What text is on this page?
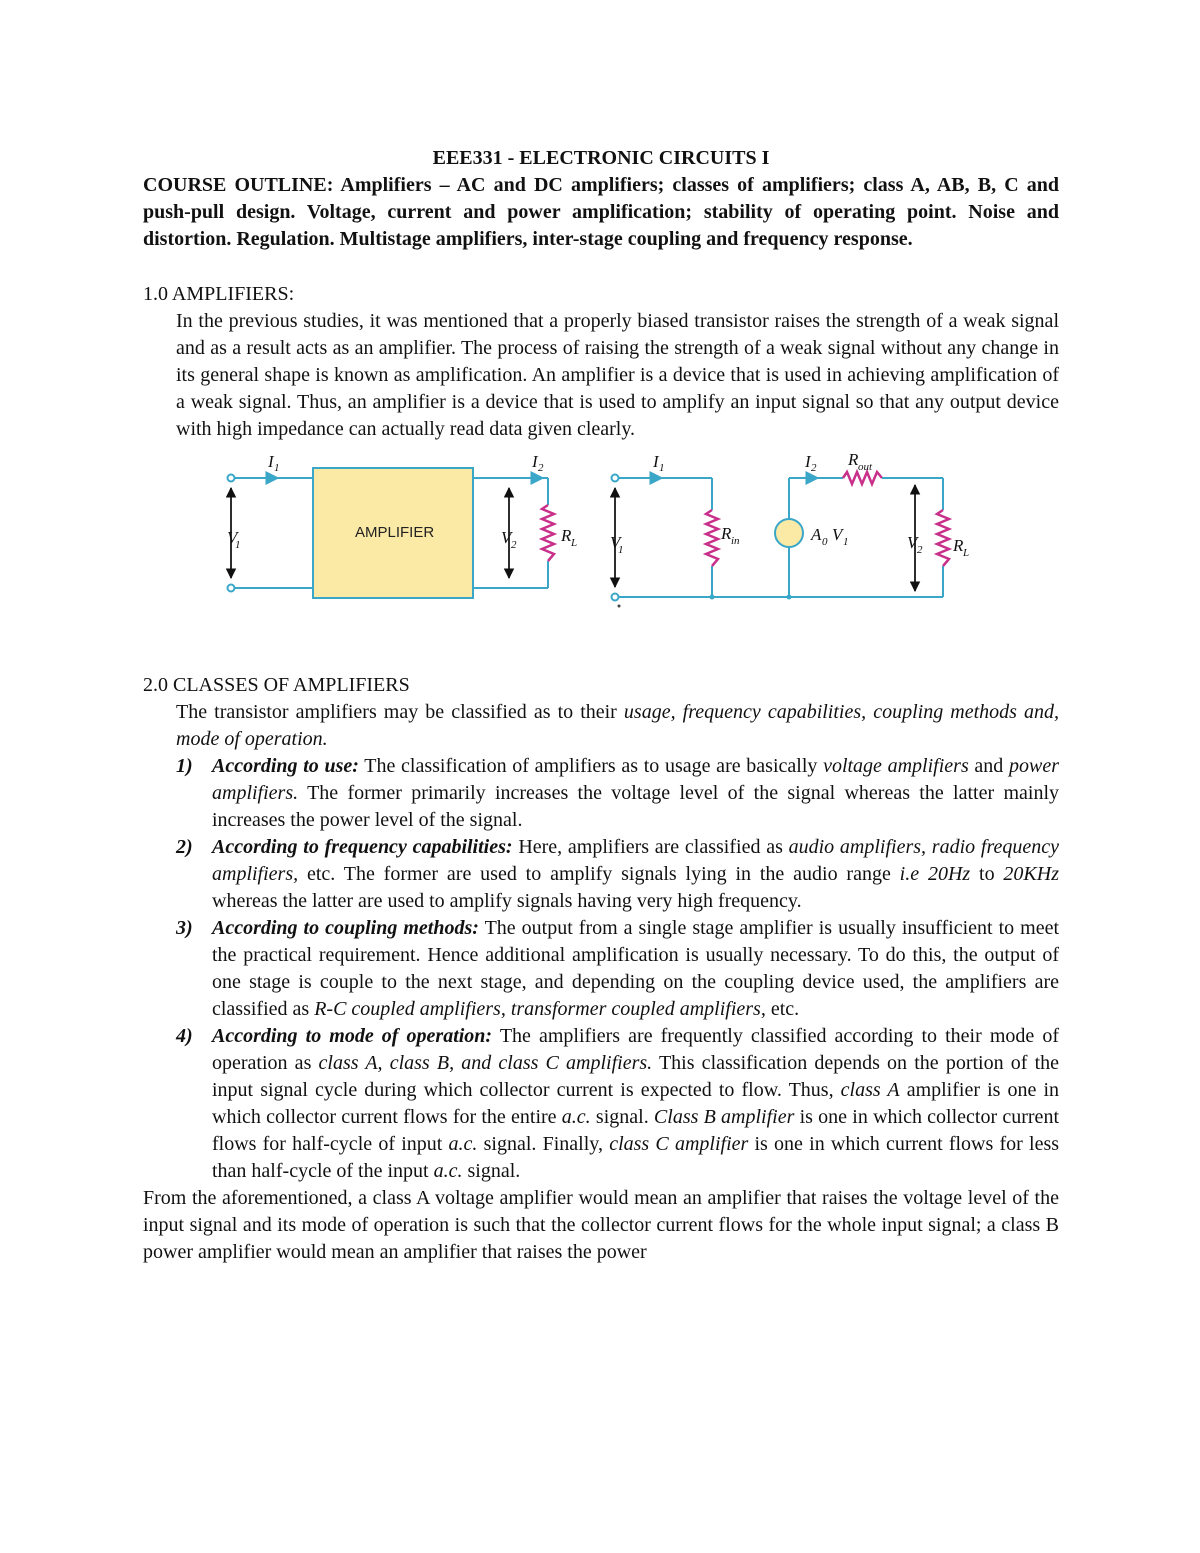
EEE331 - ELECTRONIC CIRCUITS I

COURSE OUTLINE: Amplifiers – AC and DC amplifiers; classes of amplifiers; class A, AB, B, C and push-pull design. Voltage, current and power amplification; stability of operating point. Noise and distortion. Regulation. Multistage amplifiers, inter-stage coupling and frequency response.

1.0 AMPLIFIERS:

In the previous studies, it was mentioned that a properly biased transistor raises the strength of a weak signal and as a result acts as an amplifier. The process of raising the strength of a weak signal without any change in its general shape is known as amplification. An amplifier is a device that is used in achieving amplification of a weak signal. Thus, an amplifier is a device that is used to amplify an input signal so that any output device with high impedance can actually read data given clearly.

AMPLIFIER
I 1	I 2
V
1	V 2	R L
I 1	I 2 R out
V
1
R in	A 0 V 1	V 2 R L

2.0 CLASSES OF AMPLIFIERS

The transistor amplifiers may be classified as to their usage, frequency capabilities, coupling methods and, mode of operation.

1) According to use: The classification of amplifiers as to usage are basically voltage amplifiers and power amplifiers. The former primarily increases the voltage level of the signal whereas the latter mainly increases the power level of the signal.
2) According to frequency capabilities: Here, amplifiers are classified as audio amplifiers, radio frequency amplifiers, etc. The former are used to amplify signals lying in the audio range i.e 20Hz to 20KHz whereas the latter are used to amplify signals having very high frequency.
3) According to coupling methods: The output from a single stage amplifier is usually insufficient to meet the practical requirement. Hence additional amplification is usually necessary. To do this, the output of one stage is couple to the next stage, and depending on the coupling device used, the amplifiers are classified as R-C coupled amplifiers, transformer coupled amplifiers, etc.
4) According to mode of operation: The amplifiers are frequently classified according to their mode of operation as class A, class B, and class C amplifiers. This classification depends on the portion of the input signal cycle during which collector current is expected to flow. Thus, class A amplifier is one in which collector current flows for the entire a.c. signal. Class B amplifier is one in which collector current flows for half-cycle of input a.c. signal. Finally, class C amplifier is one in which current flows for less than half-cycle of the input a.c. signal.

From the aforementioned, a class A voltage amplifier would mean an amplifier that raises the voltage level of the input signal and its mode of operation is such that the collector current flows for the whole input signal; a class B power amplifier would mean an amplifier that raises the power
